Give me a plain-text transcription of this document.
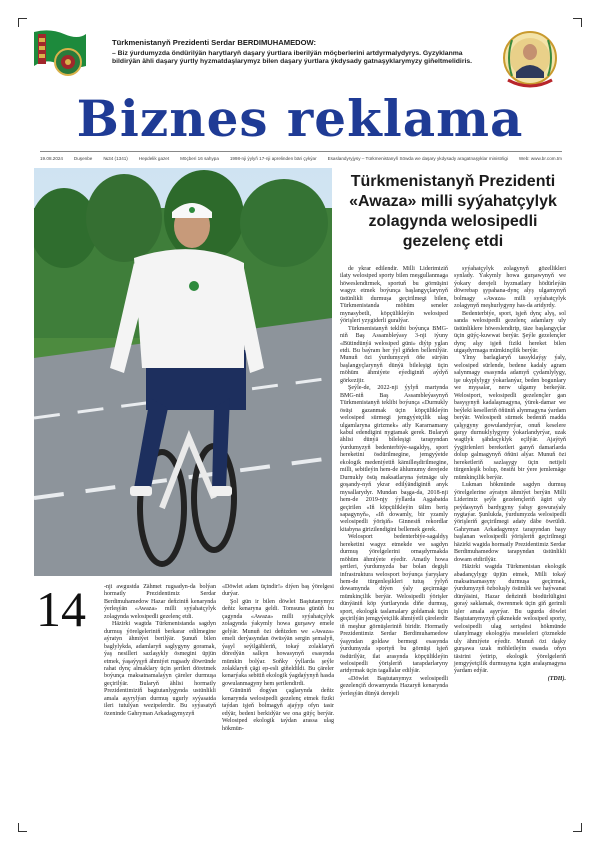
Türkmenistanyň Prezidenti Serdar BERDIMUHAMEDOW:

– Biz ýurdumyzda öndürilýän harytlaryň daşary ýurtlara iberilýän möçberlerini artdyrmalydyrys. Gyzyklanma bildirýän ähli daşary ýurtly hyzmatdaşlarymyz bilen daşary ýurtlara ýkdysady gatnaşyklarymyzy giňeltmelidiris.

Biznes reklama
19.08.2024 Duşenbe №34 (1341) Hepdelik gazet Möçberi 16 sahypa 1998-nji ýylyň 17-nji aprelinden bäri çykýar Esaslandyryjysy – Türkmenistanyň Söwda we daşary ykdysady aragatnaşyklar ministrligi Web: www.br.com.tm
Türkmenistanyň Prezidenti «Awaza» milli syýahatçylyk zolagynda welosipedli gezelenç etdi

de ykrar edilendir. Milli Liderimiziň ilaty welosiped sporty bilen meşgullanmaga höweslendirmek, sportuň bu görnüşini wagyz etmek boýunça başlangyçlarynyň üstünlikli durmuşa geçirilmegi bilen, Türkmenistanda möhüm seneler mynasybetli, köpçülikleýin welosiped ýörişleri yzygiderli guralýar.

Türkmenistanyň teklibi boýunça BMG-niň Baş Assambleýasy 3-nji iýuny «Bütindünýä welosiped güni» diýip yglan etdi. Bu baýram her ýyl giňden bellenilýär. Munuň özi ýurdumyzyň öňe sürýän başlangyçlarynyň dünýä bileleşigi üçin möhüm ähmiýete eýediginiň aýdyň görkezijir.

Şeýle-de, 2022-nji ýylyň martynda BMG-niň Baş Assambleýasynyň Türkmenistanyň teklibi boýunça «Durnukly ösüşi gazanmak üçin köpçülikleýin welosiped sürmegi jemgyýetçilik ulag ulgamlaryna girizmek» atly Kararnamany kabul edendigini nygtamak gerek. Bularyň ählisi dünýä bileleşigi tarapyndan ýurdumyzyň bedenterbiýe-sagaldyş, sport hereketini ösdürilmegine, jemgyýetde ekologik medeniýetiň kämilleşdirilmegine, milli, sebitleýin hem-de ählumumy derejede Durnukly ösüş maksatlaryna ýetmäge uly goşandy-nyň ykrar edilýändiginiň anyk mysallarydyr. Mundan başga-da, 2018-nji hem-de 2019-njy ýyllarda Aşgabatda geçirilen «Iň köpçülikleýin tälim beriş sapagynyň», «Iň dowamly, bir yzamly welosipedli ýörişiň» Ginnesiň rekordlar kitabyna girizilendigini bellemek gerek.

Welosport bedenterbiýe-sagaldyş hereketini wagyz etmekde we sagdyn durmuş ýörelgelerini ornaşdyrmakda möhüm ähmiýete eýedir. Amatly howa şertleri, ýurdumyzda bar bolan degişli infrastruktura welosport boýunça ýaryşlary hem-de türgenleşikleri tutuş ýylyň dowamynda diýen ýaly geçirmäge mümkinçilik berýär. Welosipedli ýörişler dünýäniň köp ýurtlarynda diňe durmuş, sport, ekologik taslamalary goldamak üçin geçirilýän jemgyýetçilik ähmiýetli çärelerdir iň meşhur görnüşleriniň biridir. Hormatly Prezidentimiz Serdar Berdimuhamedow ýaşyndan goldaw bermegi esasynda ýurdumyzda sportyň bu görnüşi işjeň ösdürilýär, ilat arasynda köpçülikleýin welosipedli ýörişleriň tarapdarlaryny artdyrmak üçin tagallalar edilýär.

«Döwlet Baştutanymyz welosipedli gezelençiň dowamynda Hazaryň kenarynda ýerleşýän dünýä derejeli

syýahatçylyk zolagynyň gözellikleri synlady. Ýakymly howa gurşawynyň we ýokary derejeli hyzmatlary hödürleýän döwrebap şypahana-dynç alyş ulgamynyň bolmagy «Awaza» milli syýahatçylyk zolagynyň meşhurlygyny has-da artdyrdy.

Bedenterbiýe, sport, işjeň dynç alyş, sol sanda welosipedli gezelenç adamlary uly üstünliklere höweslendirip, täze başlangyçlar üçin güýç-kuwwat berýär. Şeýle gezelençler dynç alşy işjeň fiziki hereket bilen utgaşdyrmaga mümkinçilik berýär.

Ylmy barlaglaryň tassyklaýşy ýaly, welosiped sürlende, bedene kadaly agram salynmagy esasynda adamyň çydamlylygy, işe ukyplylygy ýokarlanýar, beden bogunlary we myşsalar, nerw ulgamy berkeýär. Welosiport, welosipedli gezelençler gan basyşynyň kadalaşmagyna, ýürek-damar we beýleki keselleriň öňüniň alynmagyna ýardam berýär. Welosipedi sürmek bedeniň madda çalşygyny gowulandyrýar, onuň keselere garşy durnuklylygyny ýokarlandyrýar, uzak wagtlyk şähdaçyklyk eçilýär. Ajaýtyň ýygjirlenleri bereketleri ganyň damarlarda dolup galmagynyň öňüni alýar. Munuň özi hereketleriň sazlaşygy üçin netijeli türgenleşik bolup, önsiňi bir ýere jemlemäge mümkinçilik berýär.

Lukman hökmünde sagdyn durmuş ýörelgelerine aýratyn ähmiýet berýän Milli Liderimiz şeýle gezelençleriň ägirt uly peýdasynyň bardygyny ýahşy gowuraýaly nygtaýar. Şunlukda, ýurdumyzda welosipedli ýörişleriň geçirilmegi adaty däbe öwrüldi. Gahryman Arkadagymyz tarapyndan başy başlanan welosipedli ýörişleriň geçirilmegi häzirki wagtda hormatly Prezidentimiz Serdar Berdimuhamedow tarapyndan üstünlikli dowam etdirilýär.

Häzirki wagtda Türkmenistan ekologik abadançylygy üpjün etmek, Milli tokaý maksatnamasyny durmuşa geçirmek, ýurdumyzyň özboluşly ösümlik we haýwanat dünýäsini, Hazar deňziniň biodürlüligini goraý saklamak, öwrenmek üçin giň gerimli işler amala aşyrýar. Bu ugurda döwlet Baştutanymyzyň çäkmekde welosiped sporty, welosipedli ulag serişdesi hökmünde ulanylmagy ekologiýa meseleleri çözmekde uly ähmiýete eýedir. Munuň özi daşky gurşawa uzak möhletleýin esasda oňyn täsirini ýetirip, ekologik ýörelgeleriň jemgyýetçilik durmuşyna içgin aralaşmagyna ýardam edýär.

(TDH).

14	-nji awgustda Zähmet rugsadyn-da bolýan hormatly Prezidentimiz Serdar Berdimuhamedow Hazar deňziniň kenarynda ýerleşýän «Awaza» milli syýahatçylyk zolagynda welosipedli gezelenç etdi.

Häzirki wagtda Türkmenistanda sagdyn durmuş ýörelgeleriniň berkarar edilmegine aýratyn ähmiýet berilýär. Şunuň bilen baglylykda, adamlaryň saglygyny goramak, ýaş nesilleri sazlaşykly ösmegini üpjün etmek, ýaşaýyşyň ähmiýet rugsady döwründe rahat dynç almaklary üçin şertleri döretmek boýunça maksatnamalaýyn çäreler durmuşa geçirilýär. Bularyň ählisi hormatly Prezidentimiziň bagtutanlygynda ustünlikli amala aşyrylýan durmuş ugurly syýasatda ileri tutulýan wezipelerdir. Bu syýasatyň özeninde Gahryman Arkadagymyzyň

«Döwlet adam üçindir!» diýen baş ýörelgesi durýar.

Şol gün ir bilen döwlet Baştutanymyz deňiz kenaryna geldi. Tomsuna günüň bu çagynda «Awaza» milli syýahatçylyk zolagynda ýakymly howa gurşawy emele gelýär. Munuň özi deňizden we «Awaza» emeli derýasyndan öwüsýän sergin şemalyň, ýaşyl seýilgähleriň, tokaý zolaklaryň döredýän salkyn howasynyň esasynda mümkin bolýar. Soňky ýyllarda şeýle zolaklaryň çägi ep-esli giňeldildi. Bu çäreler kenarýaka sebitiň ekologik ýagdaýynyň hasda gowulanmagyny hem şertlendirdi.

Gününiň dogýan çaglarynda deňiz kenarynda welosipedli gezelenç etmek fiziki taýdan işjeň bolmagyň ajaýyp ofyn tasir edýär, bedeni berkidýär we ona güýç berýär. Welosiped ekologik taýdan arassa ulag hökmün-
